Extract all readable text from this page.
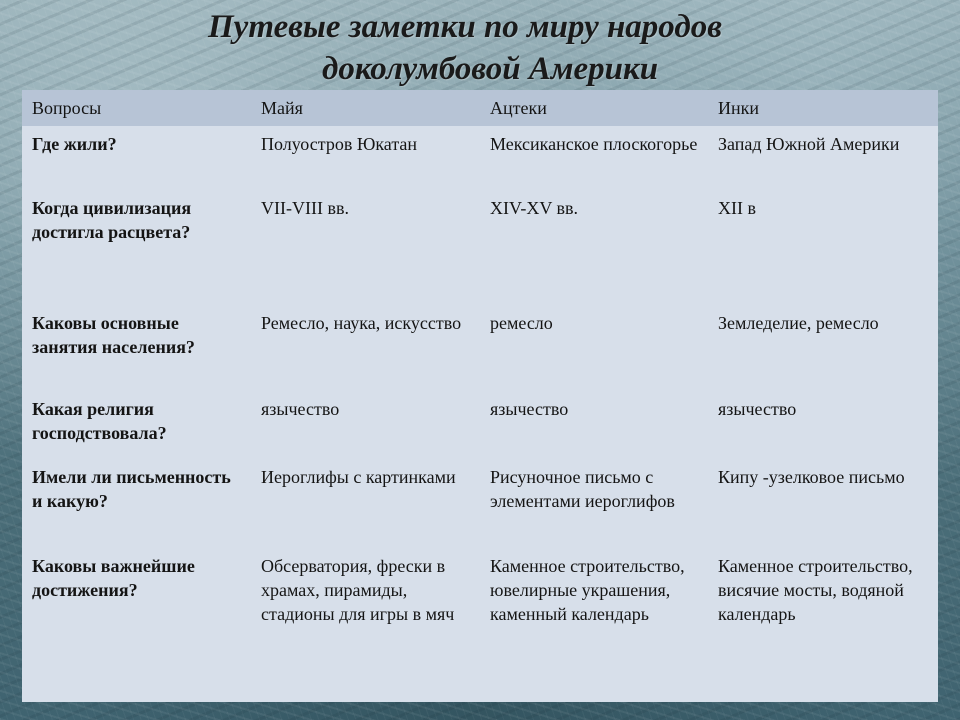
Путевые заметки по миру народов
доколумбовой Америки
Вопросы	Майя	Ацтеки	Инки
Где жили?	Полуостров Юкатан	Мексиканское плоскогорье	Запад Южной Америки
Когда цивилизация достигла расцвета?	VII-VIII вв.	XIV-XV вв.	XII в
Каковы основные занятия населения?	Ремесло, наука, искусство	ремесло	Земледелие, ремесло
Какая религия господствовала?	язычество	язычество	язычество
Имели ли письменность и какую?	Иероглифы с картинками	Рисуночное письмо с элементами иероглифов	Кипу -узелковое письмо
Каковы важнейшие достижения?	Обсерватория, фрески в храмах, пирамиды, стадионы для игры в мяч	Каменное строительство, ювелирные украшения, каменный календарь	Каменное строительство, висячие мосты, водяной календарь
